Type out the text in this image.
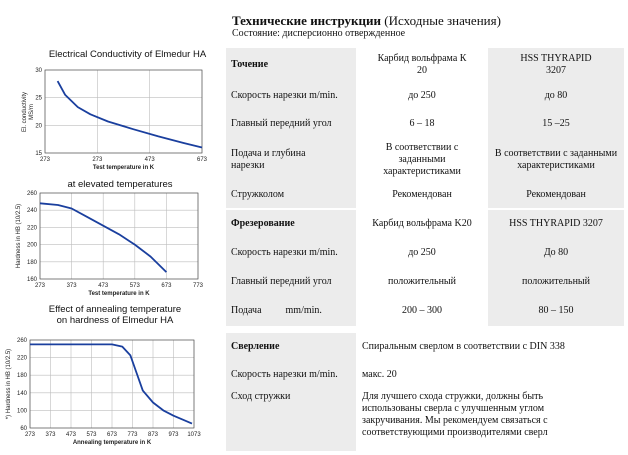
Electrical Conductivity of Elmedur HA
273	273	473	673
30
25
20
15
Test temperature in K
El. conductivity MS/m
at elevated temperatures
273	373	473	573	673	773
260
240
220
200
180
160
Test temperature in K
Hardness in HB (10/2.5)
Effect of annealing temperature
on hardness of Elmedur HA
273 373 473 573 673 773 873 973 1073
260
220
180
140
100
60
Annealing temperature in K
*) Hardness in HB (10/2.5)
Технические инструкции (Исходные значения)
Состояние: дисперсионно отвержденное
Точение	Карбид вольфрама К 20	HSS THYRAPID 3207

Скорость нарезки m/min.	до 250	до 80
Главный передний угол	6 – 18	15 –25

Подача и глубина нарезки	В соответствии с заданными характеристиками	В соответствии с заданными характеристиками

Стружколом	Рекомендован	Рекомендован
Фрезерование	Карбид вольфрама K20	HSS THYRAPID 3207
Скорость нарезки m/min.	до 250	До 80
Главный передний угол	положительный	положительный
Подача mm/min.	200 – 300	80 – 150
Сверление	Спиральным сверлом в соответствии с DIN 338
Скорость нарезки m/min.	макс. 20
Сход стружки	Для лучшего схода стружки, должны быть использованы сверла с улучшенным углом закручивания. Мы рекомендуем связаться с соответствующими производителями сверл
